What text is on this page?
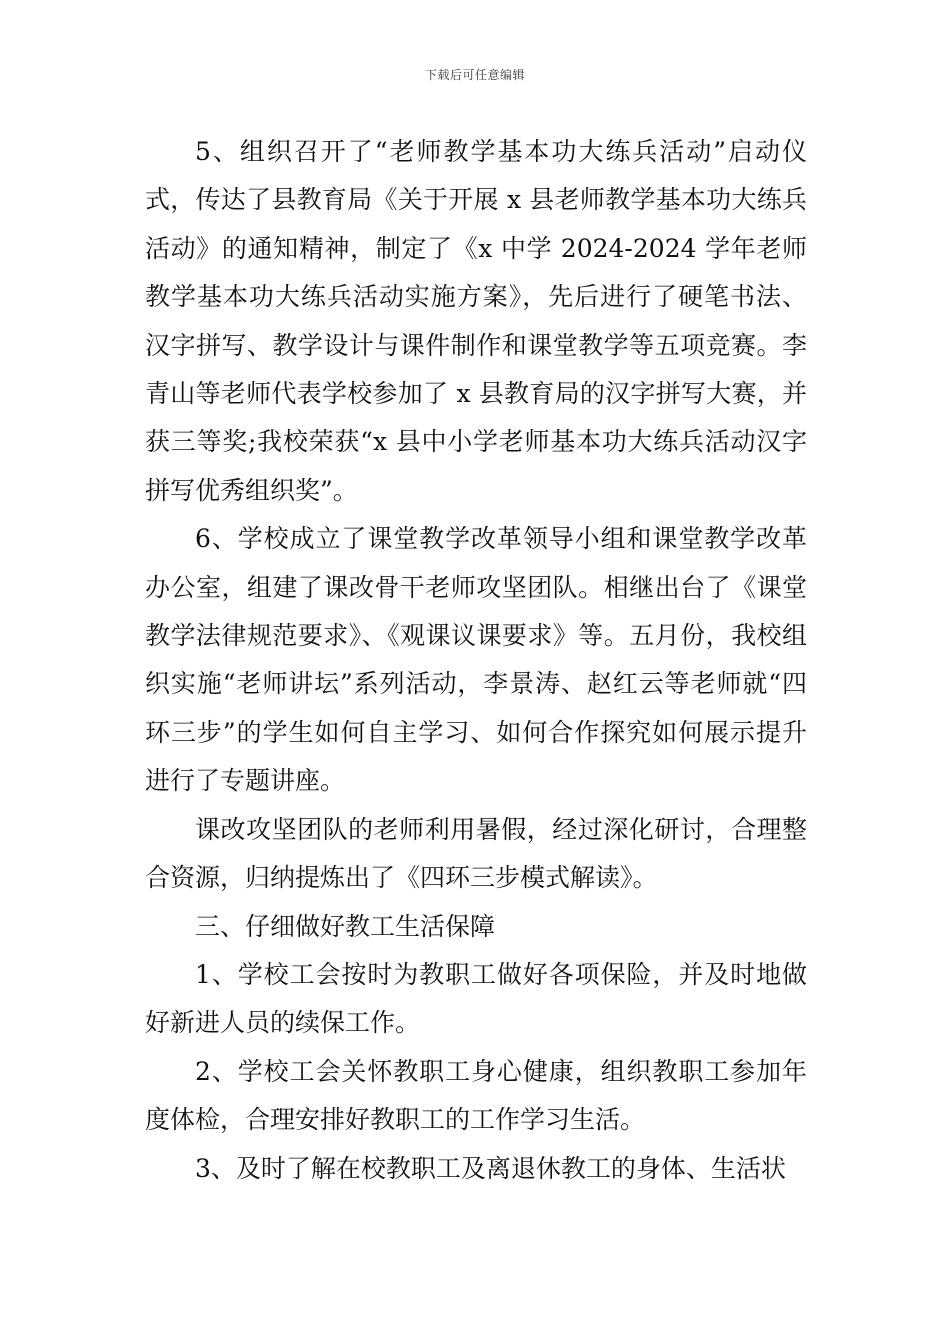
下载后可任意编辑

5、组织召开了“老师教学基本功大练兵活动”启动仪式，传达了县教育局《关于开展 x 县老师教学基本功大练兵活动》的通知精神，制定了《x 中学 2024-2024 学年老师教学基本功大练兵活动实施方案》，先后进行了硬笔书法、汉字拼写、教学设计与课件制作和课堂教学等五项竞赛。李青山等老师代表学校参加了 x 县教育局的汉字拼写大赛，并获三等奖;我校荣获“x 县中小学老师基本功大练兵活动汉字拼写优秀组织奖”。

6、学校成立了课堂教学改革领导小组和课堂教学改革办公室，组建了课改骨干老师攻坚团队。相继出台了《课堂教学法律规范要求》、《观课议课要求》等。五月份，我校组织实施“老师讲坛”系列活动，李景涛、赵红云等老师就“四环三步”的学生如何自主学习、如何合作探究如何展示提升进行了专题讲座。

课改攻坚团队的老师利用暑假，经过深化研讨，合理整合资源，归纳提炼出了《四环三步模式解读》。

三、仔细做好教工生活保障

1、学校工会按时为教职工做好各项保险，并及时地做好新进人员的续保工作。

2、学校工会关怀教职工身心健康，组织教职工参加年度体检，合理安排好教职工的工作学习生活。

3、及时了解在校教职工及离退休教工的身体、生活状
